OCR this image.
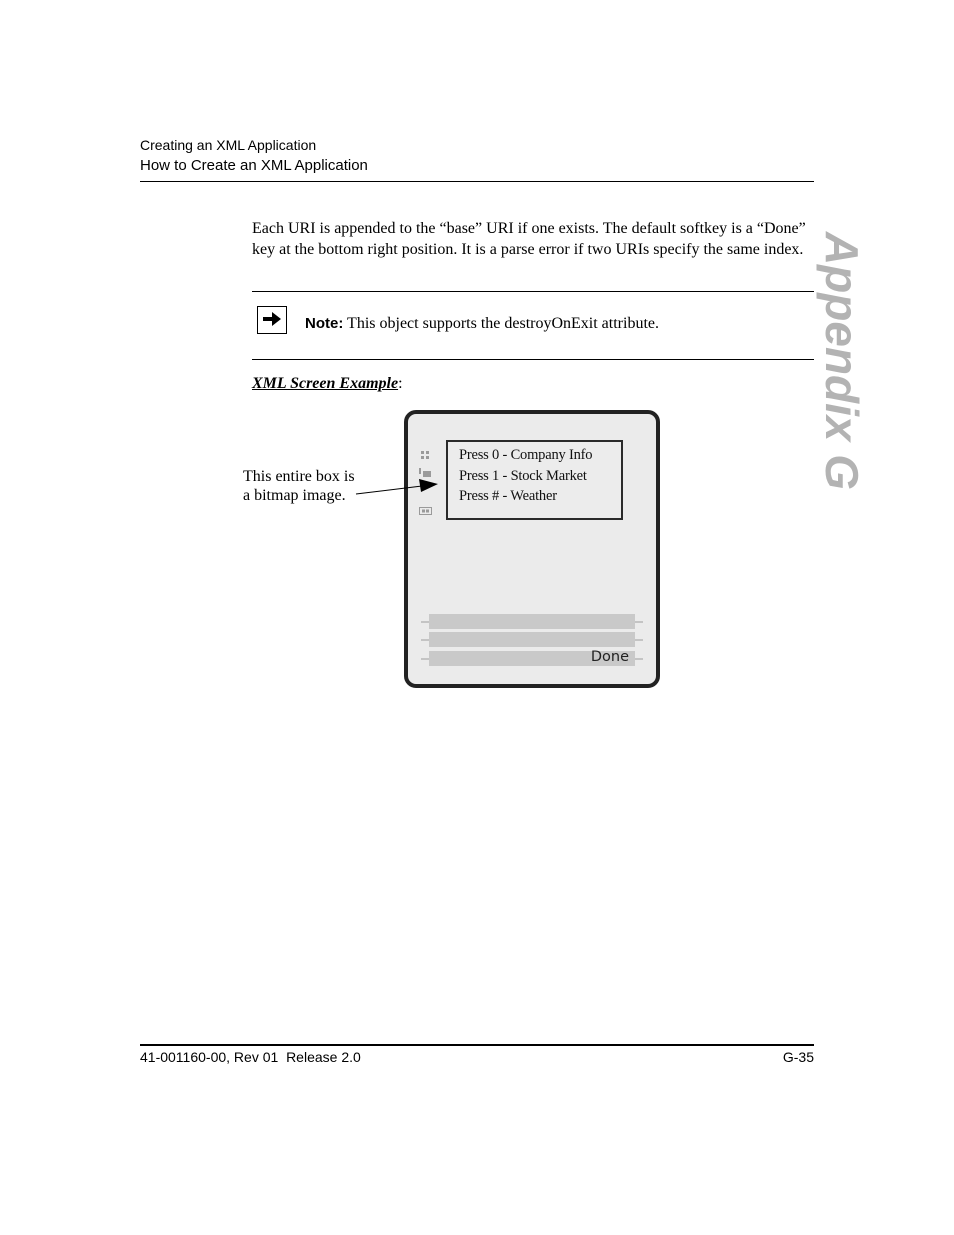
Creating an XML Application
How to Create an XML Application
Appendix G
Each URI is appended to the “base” URI if one exists. The default softkey is a “Done” key at the bottom right position. It is a parse error if two URIs specify the same index.
Note: This object supports the destroyOnExit attribute.
XML Screen Example:
This entire box is
a bitmap image.
Press 0 - Company Info
Press 1 - Stock Market
Press # - Weather
Done
41-001160-00, Rev 01  Release 2.0	G-35
